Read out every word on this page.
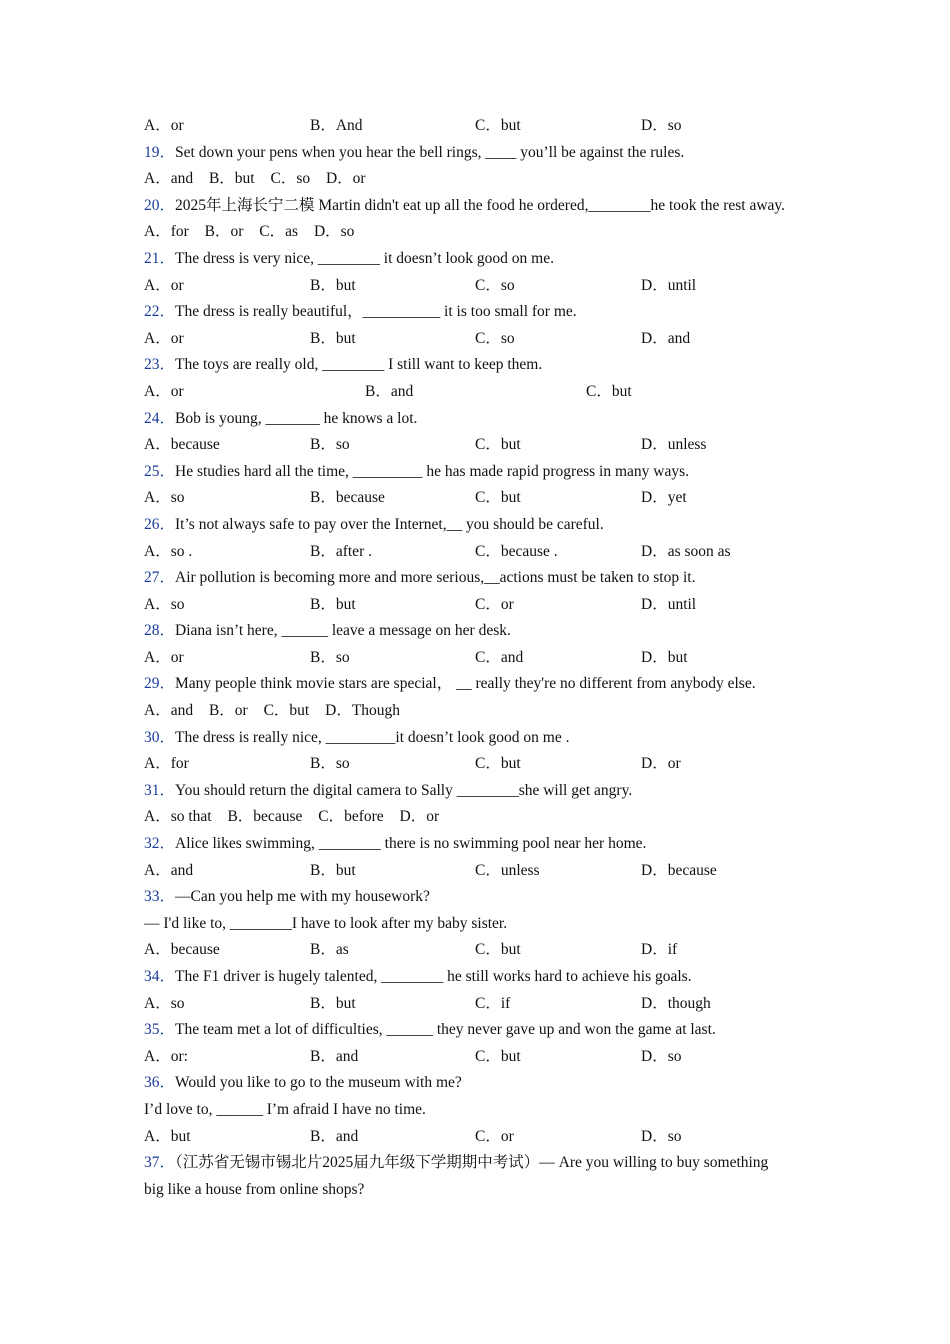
A．or	B．And	C．but	D．so
19．Set down your pens when you hear the bell rings, ____ you’ll be against the rules.
A．and B．but C．so D．or
20．2025年上海长宁二模 Martin didn't eat up all the food he ordered,________he took the rest away.
A．for B．or C．as D．so
21．The dress is very nice, ________ it doesn’t look good on me.
A．or	B．but	C．so	D．until
22．The dress is really beautiful，__________ it is too small for me.
A．or	B．but	C．so	D．and
23．The toys are really old, ________ I still want to keep them.
A．or	B．and	C．but
24．Bob is young, _______ he knows a lot.
A．because	B．so	C．but	D．unless
25．He studies hard all the time, _________ he has made rapid progress in many ways.
A．so	B．because	C．but	D．yet
26．It’s not always safe to pay over the Internet,__ you should be careful.
A．so .	B．after .	C．because .	D．as soon as
27．Air pollution is becoming more and more serious,__actions must be taken to stop it.
A．so	B．but	C．or	D．until
28．Diana isn’t here, ______ leave a message on her desk.
A．or	B．so	C．and	D．but
29．Many people think movie stars are special， __ really they're no different from anybody else.
A．and B．or C．but D．Though
30．The dress is really nice, _________it doesn’t look good on me .
A．for	B．so	C．but	D．or
31．You should return the digital camera to Sally ________she will get angry.
A．so that B．because C．before D．or
32．Alice likes swimming, ________ there is no swimming pool near her home.
A．and	B．but	C．unless	D．because
33．—Can you help me with my housework?
— I'd like to, ________I have to look after my baby sister.
A．because	B．as	C．but	D．if
34．The F1 driver is hugely talented, ________ he still works hard to achieve his goals.
A．so	B．but	C．if	D．though
35．The team met a lot of difficulties, ______ they never gave up and won the game at last.
A．or:	B．and	C．but	D．so
36．Would you like to go to the museum with me?
I’d love to, ______ I’m afraid I have no time.
A．but	B．and	C．or	D．so
37．（江苏省无锡市锡北片2025届九年级下学期期中考试）— Are you willing to buy something big like a house from online shops?
